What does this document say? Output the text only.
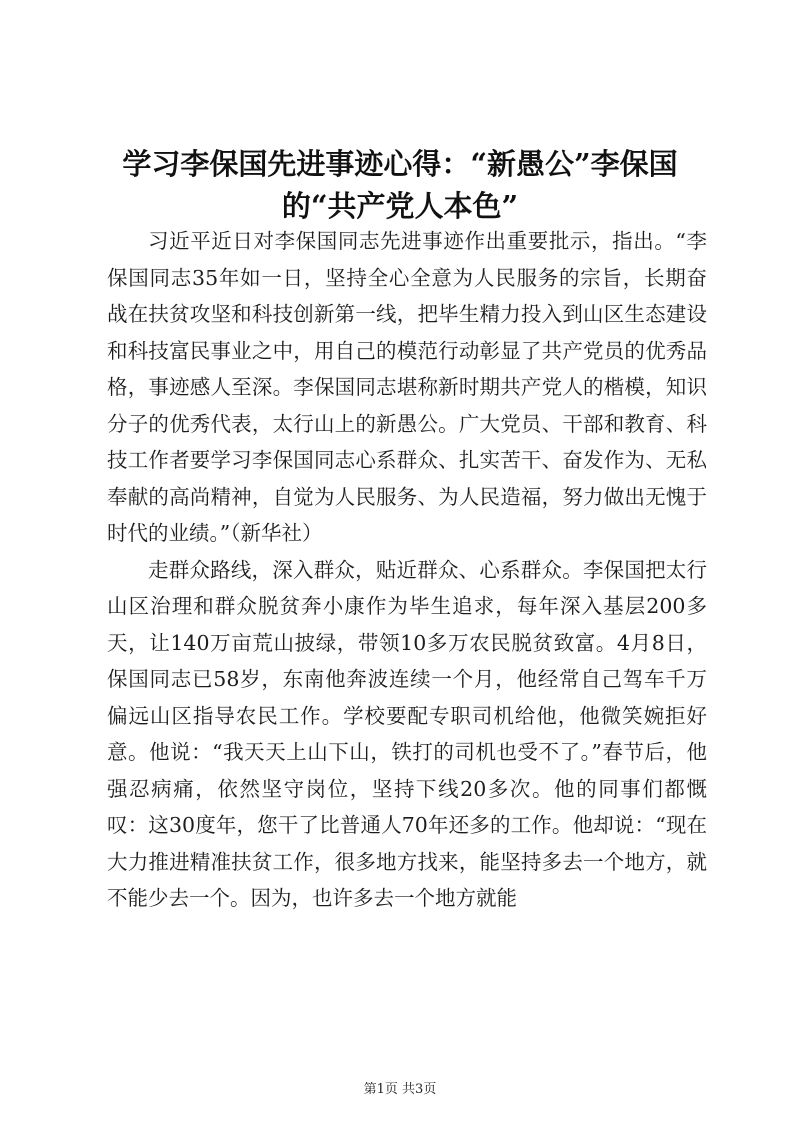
学习李保国先进事迹心得：“新愚公”李保国的“共产党人本色”

习近平近日对李保国同志先进事迹作出重要批示，指出。“李保国同志35年如一日，坚持全心全意为人民服务的宗旨，长期奋战在扶贫攻坚和科技创新第一线，把毕生精力投入到山区生态建设和科技富民事业之中，用自己的模范行动彰显了共产党员的优秀品格，事迹感人至深。李保国同志堪称新时期共产党人的楷模，知识分子的优秀代表，太行山上的新愚公。广大党员、干部和教育、科技工作者要学习李保国同志心系群众、扎实苦干、奋发作为、无私奉献的高尚精神，自觉为人民服务、为人民造福，努力做出无愧于时代的业绩。”（新华社）

走群众路线，深入群众，贴近群众、心系群众。李保国把太行山区治理和群众脱贫奔小康作为毕生追求，每年深入基层200多天，让140万亩荒山披绿，带领10多万农民脱贫致富。4月8日，保国同志已58岁，东南他奔波连续一个月，他经常自己驾车千万偏远山区指导农民工作。学校要配专职司机给他，他微笑婉拒好意。他说：“我天天上山下山，铁打的司机也受不了。”春节后，他强忍病痛，依然坚守岗位，坚持下线20多次。他的同事们都慨叹：这30度年，您干了比普通人70年还多的工作。他却说：“现在大力推进精准扶贫工作，很多地方找来，能坚持多去一个地方，就不能少去一个。因为，也许多去一个地方就能

第1页 共3页
